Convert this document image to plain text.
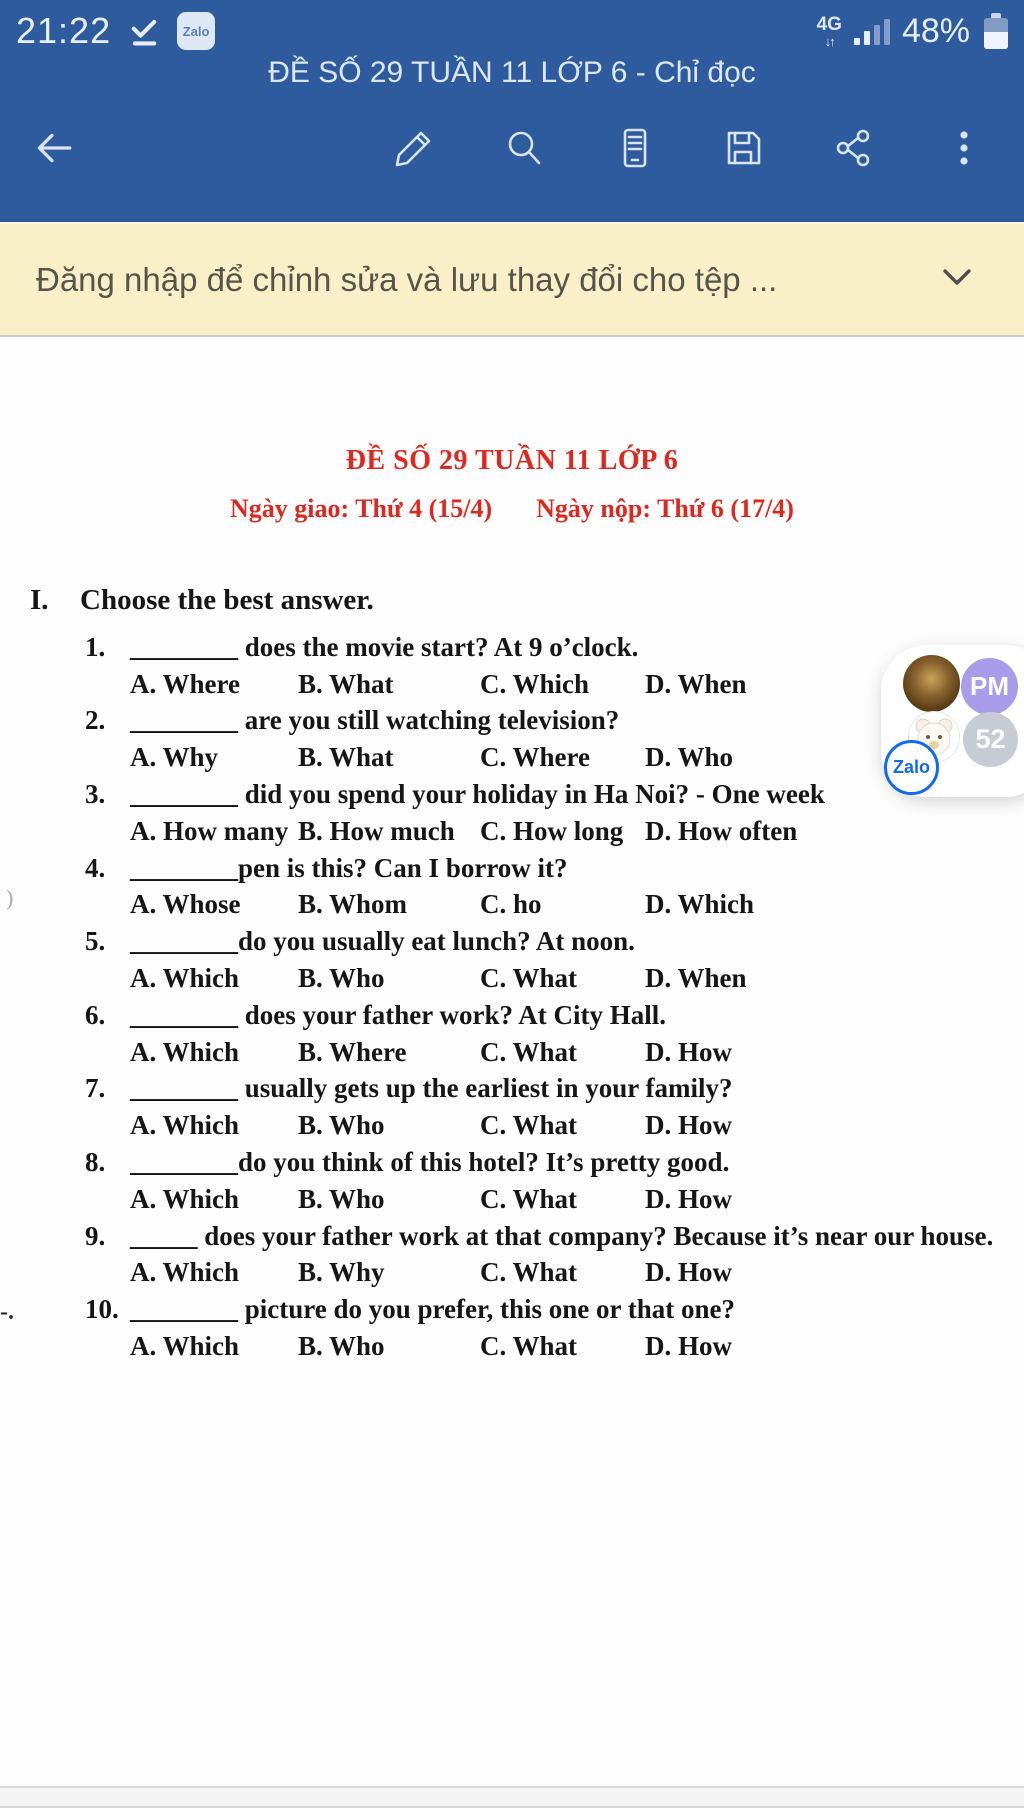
21:22	Zalo	4G
↓↑ 48%
ĐỀ SỐ 29 TUẦN 11 LỚP 6 - Chỉ đọc
Đăng nhập để chỉnh sửa và lưu thay đổi cho tệp ...
ĐỀ SỐ 29 TUẦN 11 LỚP 6
Ngày giao: Thứ 4 (15/4) Ngày nộp: Thứ 6 (17/4)
I.	Choose the best answer.
1. ________ does the movie start? At 9 o’clock.
A. Where	B. What	C. Which	D. When
2. ________ are you still watching television?
A. Why	B. What	C. Where	D. Who
3. ________ did you spend your holiday in Ha Noi? - One week
A. How many B. How much C. How long D. How often
4. ________pen is this? Can I borrow it?
A. Whose	B. Whom	C. ho	D. Which
5. ________do you usually eat lunch? At noon.
A. Which	B. Who	C. What	D. When
6. ________ does your father work? At City Hall.
A. Which	B. Where	C. What	D. How
7. ________ usually gets up the earliest in your family?
A. Which	B. Who	C. What	D. How
8. ________do you think of this hotel? It’s pretty good.
A. Which	B. Who	C. What	D. How
9. _____ does your father work at that company? Because it’s near our house.
A. Which	B. Why	C. What	D. How
10. ________ picture do you prefer, this one or that one?
A. Which	B. Who	C. What	D. How
)
-.
PM
52
Zalo
